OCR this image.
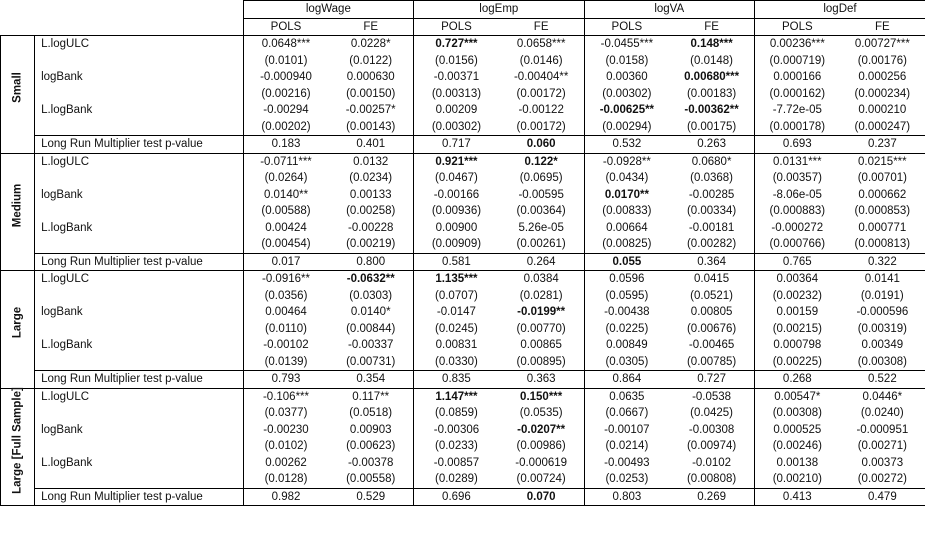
		logWage		logEmp		logVA		logDef	
		POLS	FE	POLS	FE	POLS	FE	POLS	FE

Small	L.logULC	0.0648***	0.0228*	0.727***	0.0658***	-0.0455***	0.148***	0.00236***	0.00727***
		(0.0101)	(0.0122)	(0.0156)	(0.0146)	(0.0158)	(0.0148)	(0.000719)	(0.00176)
	logBank	-0.000940	0.000630	-0.00371	-0.00404**	0.00360	0.00680***	0.000166	0.000256
		(0.00216)	(0.00150)	(0.00313)	(0.00172)	(0.00302)	(0.00183)	(0.000162)	(0.000234)
	L.logBank	-0.00294	-0.00257*	0.00209	-0.00122	-0.00625**	-0.00362**	-7.72e-05	0.000210
		(0.00202)	(0.00143)	(0.00302)	(0.00172)	(0.00294)	(0.00175)	(0.000178)	(0.000247)
	Long Run Multiplier test p-value	0.183	0.401	0.717	0.060	0.532	0.263	0.693	0.237

Medium	L.logULC	-0.0711***	0.0132	0.921***	0.122*	-0.0928**	0.0680*	0.0131***	0.0215***
		(0.0264)	(0.0234)	(0.0467)	(0.0695)	(0.0434)	(0.0368)	(0.00357)	(0.00701)
	logBank	0.0140**	0.00133	-0.00166	-0.00595	0.0170**	-0.00285	-8.06e-05	0.000662
		(0.00588)	(0.00258)	(0.00936)	(0.00364)	(0.00833)	(0.00334)	(0.000883)	(0.000853)
	L.logBank	0.00424	-0.00228	0.00900	5.26e-05	0.00664	-0.00181	-0.000272	0.000771
		(0.00454)	(0.00219)	(0.00909)	(0.00261)	(0.00825)	(0.00282)	(0.000766)	(0.000813)
	Long Run Multiplier test p-value	0.017	0.800	0.581	0.264	0.055	0.364	0.765	0.322

Large	L.logULC	-0.0916**	-0.0632**	1.135***	0.0384	0.0596	0.0415	0.00364	0.0141
		(0.0356)	(0.0303)	(0.0707)	(0.0281)	(0.0595)	(0.0521)	(0.00232)	(0.0191)
	logBank	0.00464	0.0140*	-0.0147	-0.0199**	-0.00438	0.00805	0.00159	-0.000596
		(0.0110)	(0.00844)	(0.0245)	(0.00770)	(0.0225)	(0.00676)	(0.00215)	(0.00319)
	L.logBank	-0.00102	-0.00337	0.00831	0.00865	0.00849	-0.00465	0.000798	0.00349
		(0.0139)	(0.00731)	(0.0330)	(0.00895)	(0.0305)	(0.00785)	(0.00225)	(0.00308)
	Long Run Multiplier test p-value	0.793	0.354	0.835	0.363	0.864	0.727	0.268	0.522

Large [Full Sample]	L.logULC	-0.106***	0.117**	1.147***	0.150***	0.0635	-0.0538	0.00547*	0.0446*
		(0.0377)	(0.0518)	(0.0859)	(0.0535)	(0.0667)	(0.0425)	(0.00308)	(0.0240)
	logBank	-0.00230	0.00903	-0.00306	-0.0207**	-0.00107	-0.00308	0.000525	-0.000951
		(0.0102)	(0.00623)	(0.0233)	(0.00986)	(0.0214)	(0.00974)	(0.00246)	(0.00271)
	L.logBank	0.00262	-0.00378	-0.00857	-0.000619	-0.00493	-0.0102	0.00138	0.00373
		(0.0128)	(0.00558)	(0.0289)	(0.00724)	(0.0253)	(0.00808)	(0.00210)	(0.00272)
	Long Run Multiplier test p-value	0.982	0.529	0.696	0.070	0.803	0.269	0.413	0.479
